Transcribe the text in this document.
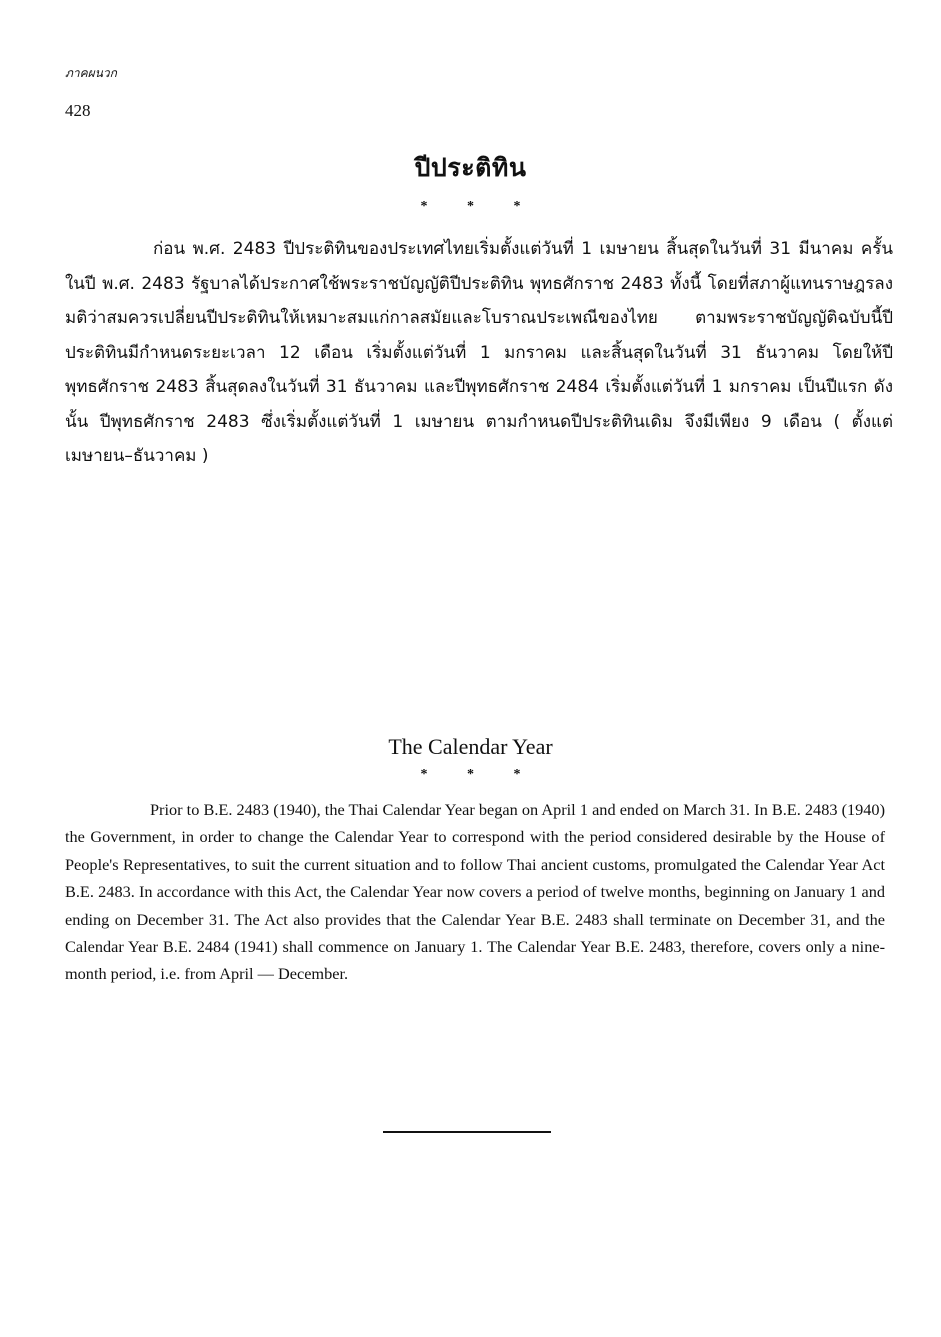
ภาคผนวก
428
ปีประติทิน
*	*	*

ก่อน พ.ศ. 2483 ปีประติทินของประเทศไทยเริ่มตั้งแต่วันที่ 1 เมษายน สิ้นสุดในวันที่ 31 มีนาคม ครั้นในปี พ.ศ. 2483 รัฐบาลได้ประกาศใช้พระราชบัญญัติปีประติทิน พุทธศักราช 2483 ทั้งนี้ โดยที่สภาผู้แทนราษฎรลงมติว่าสมควรเปลี่ยนปีประติทินให้เหมาะสมแก่กาลสมัยและโบราณประเพณีของไทย ตามพระราชบัญญัติฉบับนี้ปีประติทินมีกำหนดระยะเวลา 12 เดือน เริ่มตั้งแต่วันที่ 1 มกราคม และสิ้นสุดในวันที่ 31 ธันวาคม โดยให้ปีพุทธศักราช 2483 สิ้นสุดลงในวันที่ 31 ธันวาคม และปีพุทธศักราช 2484 เริ่มตั้งแต่วันที่ 1 มกราคม เป็นปีแรก ดังนั้น ปีพุทธศักราช 2483 ซึ่งเริ่มตั้งแต่วันที่ 1 เมษายน ตามกำหนดปีประติทินเดิม จึงมีเพียง 9 เดือน ( ตั้งแต่ เมษายน–ธันวาคม )

The Calendar Year
*	*	*

Prior to B.E. 2483 (1940), the Thai Calendar Year began on April 1 and ended on March 31. In B.E. 2483 (1940) the Government, in order to change the Calendar Year to correspond with the period considered desirable by the House of People's Representatives, to suit the current situation and to follow Thai ancient customs, promulgated the Calendar Year Act B.E. 2483. In accordance with this Act, the Calendar Year now covers a period of twelve months, beginning on January 1 and ending on December 31. The Act also provides that the Calendar Year B.E. 2483 shall terminate on December 31, and the Calendar Year B.E. 2484 (1941) shall commence on January 1. The Calendar Year B.E. 2483, therefore, covers only a nine-month period, i.e. from April — December.
